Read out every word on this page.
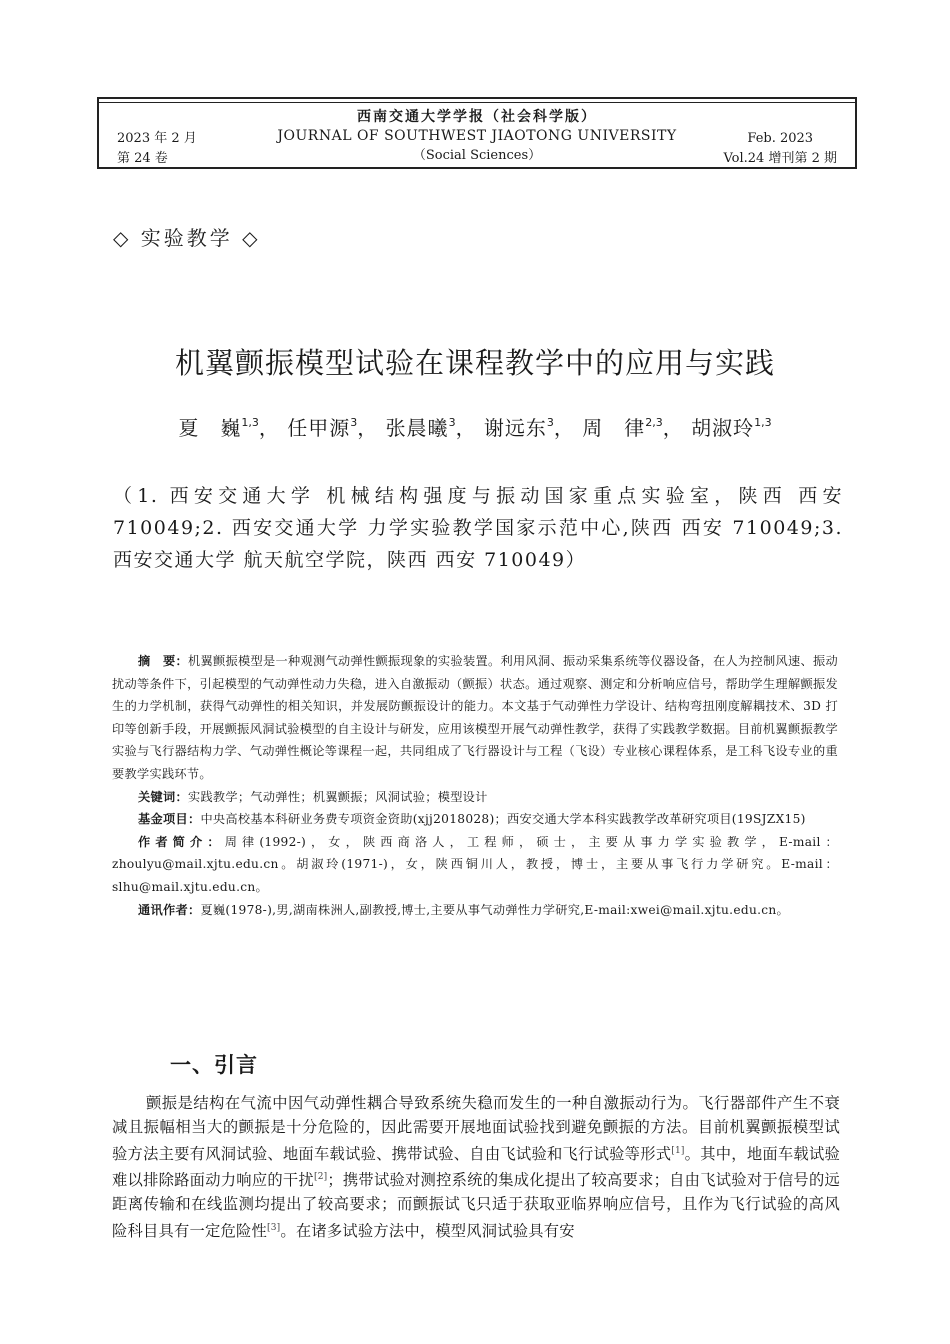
2023 年 2 月
第 24 卷
西南交通大学学报（社会科学版）
JOURNAL OF SOUTHWEST JIAOTONG UNIVERSITY
（Social Sciences）
Feb. 2023
Vol.24 增刊第 2 期
◇ 实验教学 ◇
机翼颤振模型试验在课程教学中的应用与实践
夏　巍$^{1,3}$， 任甲源$^3$， 张晨曦$^3$， 谢远东$^3$， 周　律$^{2,3}$， 胡淑玲$^{1,3}$
（1. 西安交通大学 机械结构强度与振动国家重点实验室，陕西 西安 710049;2. 西安交通大学 力学实验教学国家示范中心,陕西 西安 710049;3. 西安交通大学 航天航空学院，陕西 西安 710049）

摘　要：机翼颤振模型是一种观测气动弹性颤振现象的实验装置。利用风洞、振动采集系统等仪器设备，在人为控制风速、振动扰动等条件下，引起模型的气动弹性动力失稳，进入自激振动（颤振）状态。通过观察、测定和分析响应信号，帮助学生理解颤振发生的力学机制，获得气动弹性的相关知识，并发展防颤振设计的能力。本文基于气动弹性力学设计、结构弯扭刚度解耦技术、3D 打印等创新手段，开展颤振风洞试验模型的自主设计与研发，应用该模型开展气动弹性教学，获得了实践教学数据。目前机翼颤振教学实验与飞行器结构力学、气动弹性概论等课程一起，共同组成了飞行器设计与工程（飞设）专业核心课程体系，是工科飞设专业的重要教学实践环节。

关键词：实践教学；气动弹性；机翼颤振；风洞试验；模型设计

基金项目：中央高校基本科研业务费专项资金资助(xjj2018028)；西安交通大学本科实践教学改革研究项目(19SJZX15)

作者简介：周律(1992-)，女，陕西商洛人，工程师，硕士，主要从事力学实验教学，E-mail：zhoulyu@mail.xjtu.edu.cn。胡淑玲(1971-)，女，陕西铜川人，教授，博士，主要从事飞行力学研究。E-mail：slhu@mail.xjtu.edu.cn。

通讯作者：夏巍(1978-),男,湖南株洲人,副教授,博士,主要从事气动弹性力学研究,E-mail:xwei@mail.xjtu.edu.cn。

一、引言

颤振是结构在气流中因气动弹性耦合导致系统失稳而发生的一种自激振动行为。飞行器部件产生不衰减且振幅相当大的颤振是十分危险的，因此需要开展地面试验找到避免颤振的方法。目前机翼颤振模型试验方法主要有风洞试验、地面车载试验、携带试验、自由飞试验和飞行试验等形式[1]。其中，地面车载试验难以排除路面动力响应的干扰[2]；携带试验对测控系统的集成化提出了较高要求；自由飞试验对于信号的远距离传输和在线监测均提出了较高要求；而颤振试飞只适于获取亚临界响应信号，且作为飞行试验的高风险科目具有一定危险性[3]。在诸多试验方法中，模型风洞试验具有安
